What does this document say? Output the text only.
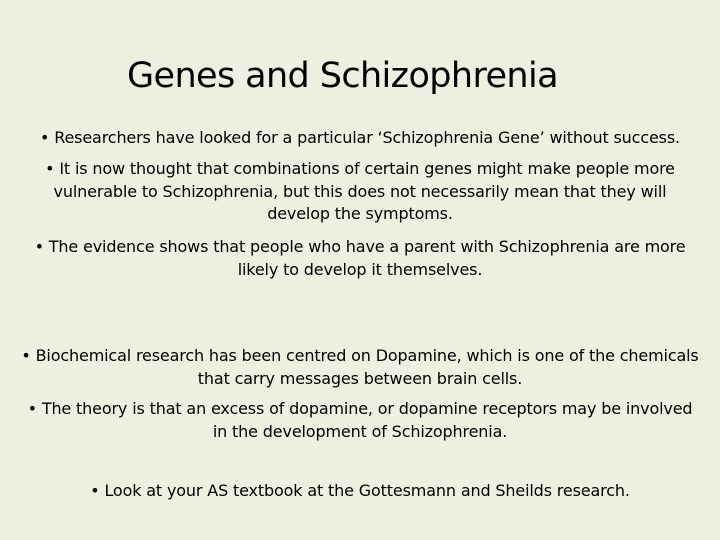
Genes and Schizophrenia
• Researchers have looked for a particular ‘Schizophrenia Gene’ without success.
• It is now thought that combinations of certain genes might make people more vulnerable to Schizophrenia, but this does not necessarily mean that they will develop the symptoms.
• The evidence shows that people who have a parent with Schizophrenia are more likely to develop it themselves.
• Biochemical research has been centred on Dopamine, which is one of the chemicals that carry messages between brain cells.
• The theory is that an excess of dopamine, or dopamine receptors may be involved in the development of Schizophrenia.
• Look at your AS textbook at the Gottesmann and Sheilds research.
